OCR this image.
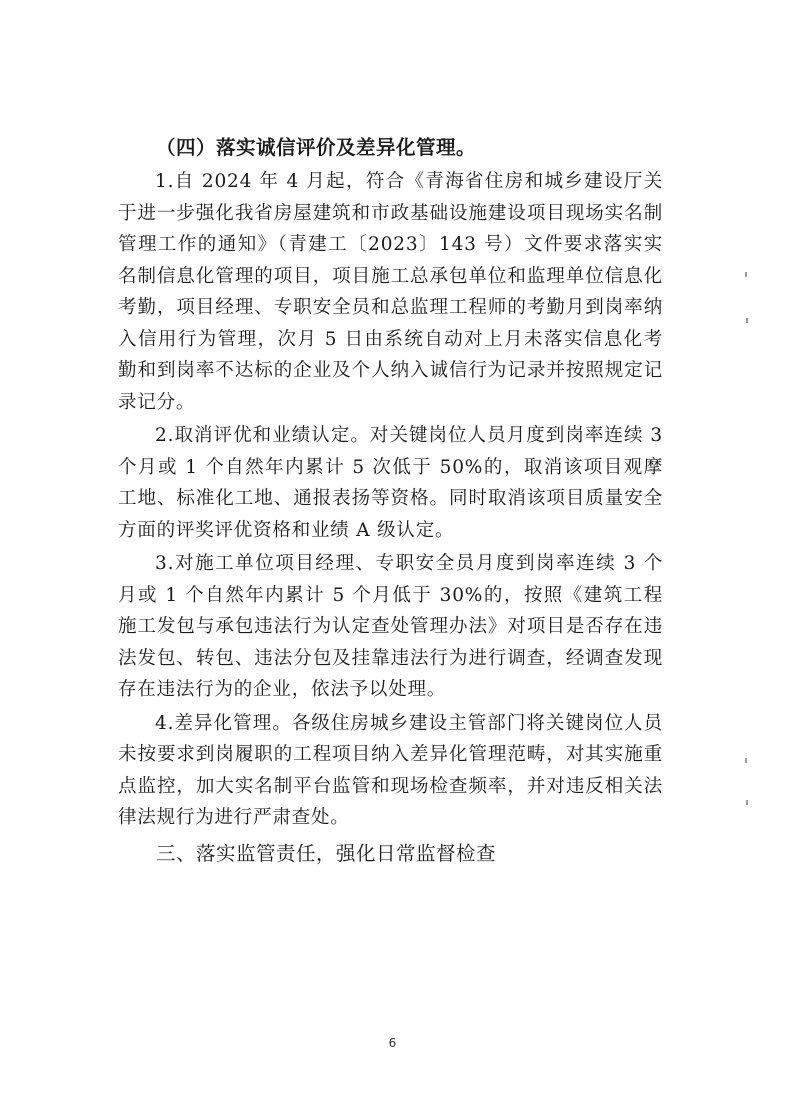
（四）落实诚信评价及差异化管理。

1.自 2024 年 4 月起，符合《青海省住房和城乡建设厅关于进一步强化我省房屋建筑和市政基础设施建设项目现场实名制管理工作的通知》（青建工〔2023〕143 号）文件要求落实实名制信息化管理的项目，项目施工总承包单位和监理单位信息化考勤，项目经理、专职安全员和总监理工程师的考勤月到岗率纳入信用行为管理，次月 5 日由系统自动对上月未落实信息化考勤和到岗率不达标的企业及个人纳入诚信行为记录并按照规定记录记分。

2.取消评优和业绩认定。对关键岗位人员月度到岗率连续 3 个月或 1 个自然年内累计 5 次低于 50%的，取消该项目观摩工地、标准化工地、通报表扬等资格。同时取消该项目质量安全方面的评奖评优资格和业绩 A 级认定。

3.对施工单位项目经理、专职安全员月度到岗率连续 3 个月或 1 个自然年内累计 5 个月低于 30%的，按照《建筑工程施工发包与承包违法行为认定查处管理办法》对项目是否存在违法发包、转包、违法分包及挂靠违法行为进行调查，经调查发现存在违法行为的企业，依法予以处理。

4.差异化管理。各级住房城乡建设主管部门将关键岗位人员未按要求到岗履职的工程项目纳入差异化管理范畴，对其实施重点监控，加大实名制平台监管和现场检查频率，并对违反相关法律法规行为进行严肃查处。

三、落实监管责任，强化日常监督检查

6
